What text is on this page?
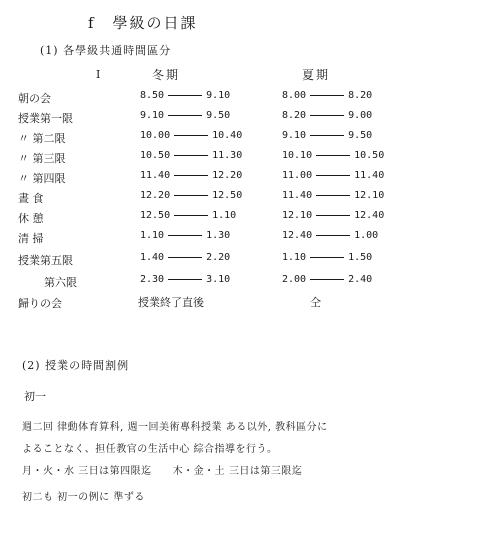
f　學級の日課
(1) 各學級共通時間區分
I	冬期	夏期
朝の会	8.50	9.10	8.00	8.20
授業第一限	9.10	9.50	8.20	9.00
〃 第二限	10.00	10.40	9.10	9.50
〃 第三限	10.50	11.30	10.10	10.50
〃 第四限	11.40	12.20	11.00	11.40
晝 食	12.20	12.50	11.40	12.10
休 憩	12.50	1.10	12.10	12.40
清 掃	1.10	1.30	12.40	1.00
授業第五限	1.40	2.20	1.10	1.50
第六限	2.30	3.10	2.00	2.40
歸りの会	授業終了直後	仝
(2) 授業の時間割例
初一
週二回 律動体育算科, 週一回美術專科授業 ある以外, 教科區分に
よることなく、担任教官の生活中心 綜合指導を行う。
月・火・水 三日は第四限迄　　木・金・土 三日は第三限迄
初二も 初一の例に 準ずる
